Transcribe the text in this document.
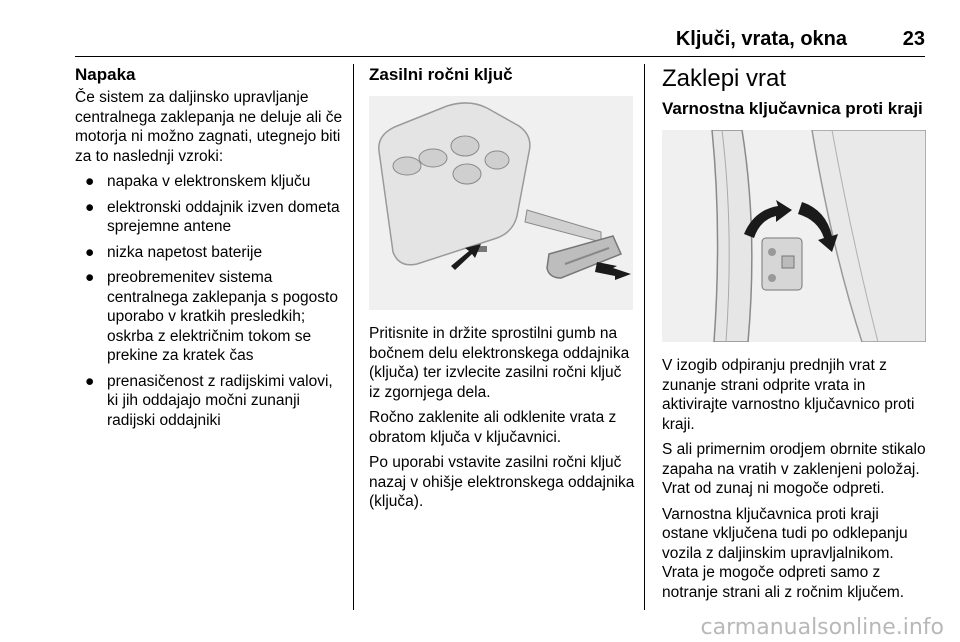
Ključi, vrata, okna	23
Napaka

Če sistem za daljinsko upravljanje centralnega zaklepanja ne deluje ali če motorja ni možno zagnati, utegnejo biti za to naslednji vzroki:

● napaka v elektronskem ključu
● elektronski oddajnik izven dometa sprejemne antene
● nizka napetost baterije
● preobremenitev sistema centralnega zaklepanja s pogosto uporabo v kratkih presledkih; oskrba z električnim tokom se prekine za kratek čas
● prenasičenost z radijskimi valovi, ki jih oddajajo močni zunanji radijski oddajniki
Zasilni ročni ključ

Pritisnite in držite sprostilni gumb na bočnem delu elektronskega oddajnika (ključa) ter izvlecite zasilni ročni ključ iz zgornjega dela.

Ročno zaklenite ali odklenite vrata z obratom ključa v ključavnici.

Po uporabi vstavite zasilni ročni ključ nazaj v ohišje elektronskega oddajnika (ključa).

Zaklepi vrat
Varnostna ključavnica proti kraji

V izogib odpiranju prednjih vrat z zunanje strani odprite vrata in aktivirajte varnostno ključavnico proti kraji.

S ali primernim orodjem obrnite stikalo zapaha na vratih v zaklenjeni položaj. Vrat od zunaj ni mogoče odpreti.

Varnostna ključavnica proti kraji ostane vključena tudi po odklepanju vozila z daljinskim upravljalnikom. Vrata je mogoče odpreti samo z notranje strani ali z ročnim ključem.

carmanualsonline.info
